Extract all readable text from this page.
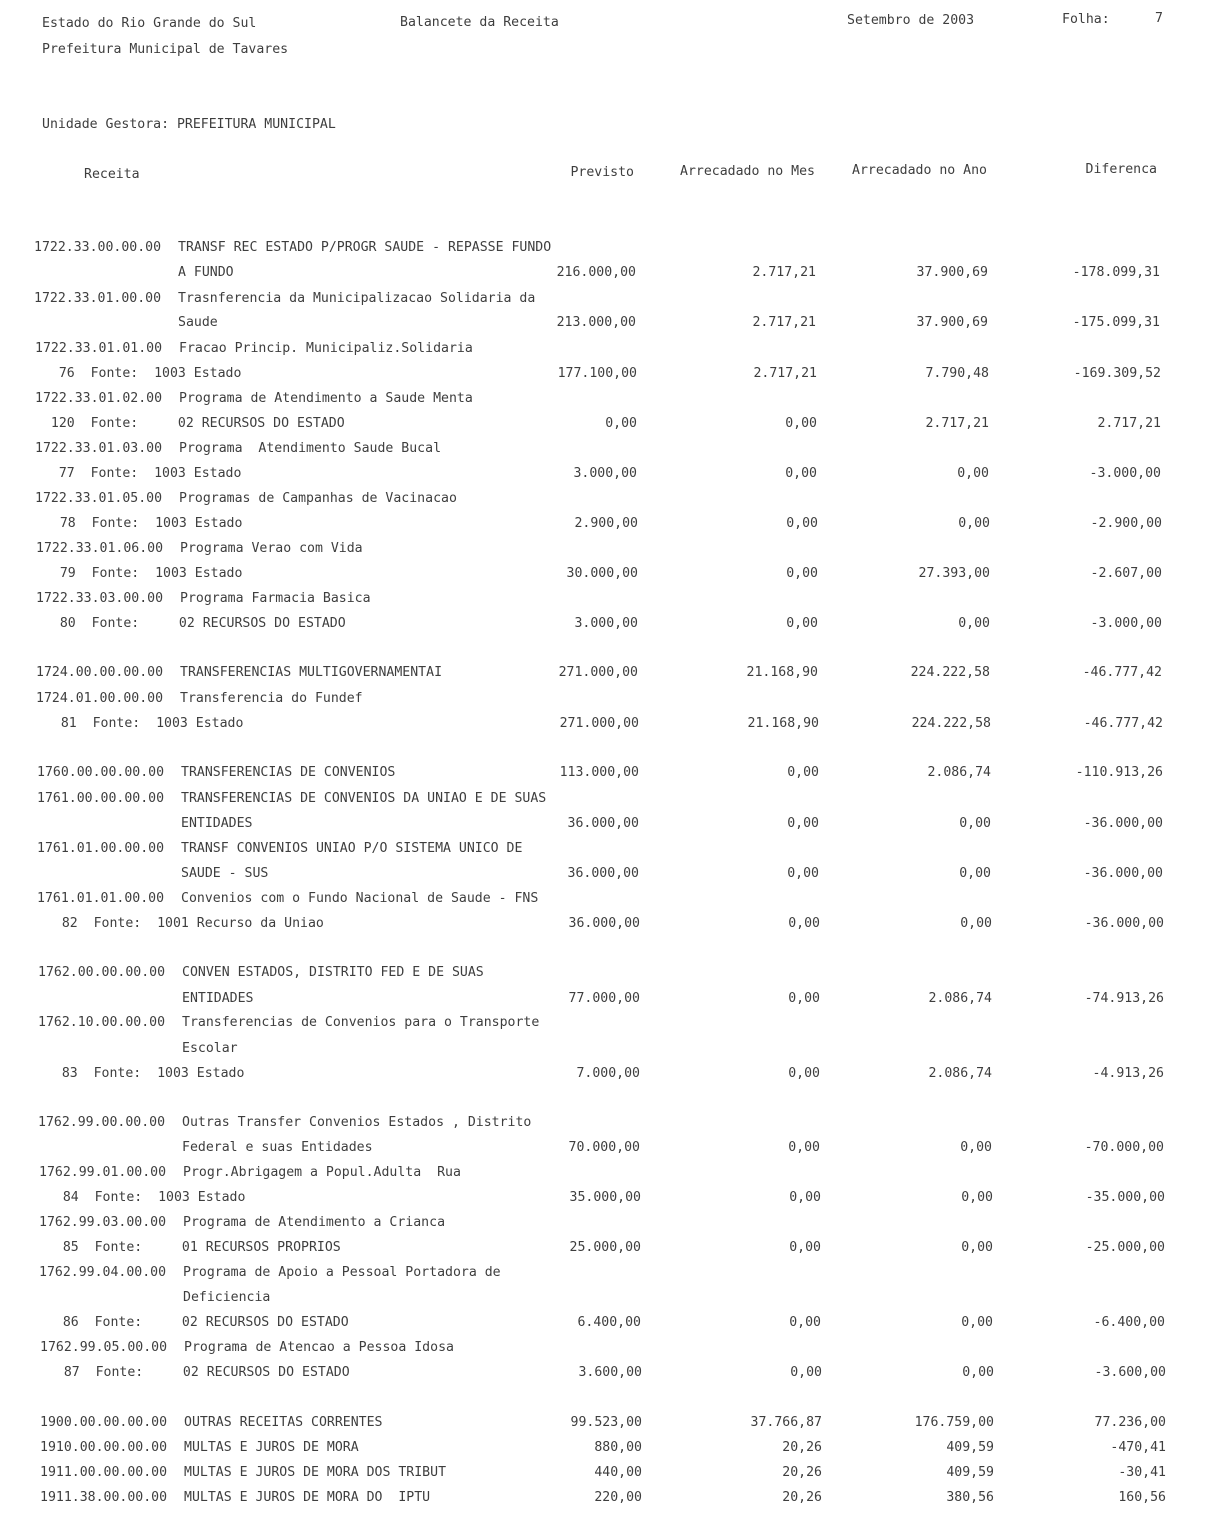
Estado do Rio Grande do Sul
Prefeitura Municipal de Tavares
Balancete da Receita	Setembro de 2003	Folha:	7
Unidade Gestora: PREFEITURA MUNICIPAL
Receita	Previsto	Arrecadado no Mes	Arrecadado no Ano	Diferenca
1722.33.00.00.00 TRANSF REC ESTADO P/PROGR SAUDE - REPASSE FUNDO
A FUNDO	216.000,00	2.717,21	37.900,69	-178.099,31
1722.33.01.00.00 Trasnferencia da Municipalizacao Solidaria da
Saude	213.000,00	2.717,21	37.900,69	-175.099,31
1722.33.01.01.00 Fracao Princip. Municipaliz.Solidaria
76  Fonte:  1003 Estado	177.100,00	2.717,21	7.790,48	-169.309,52
1722.33.01.02.00 Programa de Atendimento a Saude Menta
120  Fonte:     02 RECURSOS DO ESTADO	0,00	0,00	2.717,21	2.717,21
1722.33.01.03.00 Programa  Atendimento Saude Bucal
77  Fonte:  1003 Estado	3.000,00	0,00	0,00	-3.000,00
1722.33.01.05.00 Programas de Campanhas de Vacinacao
78  Fonte:  1003 Estado	2.900,00	0,00	0,00	-2.900,00
1722.33.01.06.00 Programa Verao com Vida
79  Fonte:  1003 Estado	30.000,00	0,00	27.393,00	-2.607,00
1722.33.03.00.00 Programa Farmacia Basica
80  Fonte:     02 RECURSOS DO ESTADO	3.000,00	0,00	0,00	-3.000,00
1724.00.00.00.00 TRANSFERENCIAS MULTIGOVERNAMENTAI	271.000,00	21.168,90	224.222,58	-46.777,42
1724.01.00.00.00 Transferencia do Fundef
81  Fonte:  1003 Estado	271.000,00	21.168,90	224.222,58	-46.777,42
1760.00.00.00.00 TRANSFERENCIAS DE CONVENIOS	113.000,00	0,00	2.086,74	-110.913,26
1761.00.00.00.00 TRANSFERENCIAS DE CONVENIOS DA UNIAO E DE SUAS
ENTIDADES	36.000,00	0,00	0,00	-36.000,00
1761.01.00.00.00 TRANSF CONVENIOS UNIAO P/O SISTEMA UNICO DE
SAUDE - SUS	36.000,00	0,00	0,00	-36.000,00
1761.01.01.00.00 Convenios com o Fundo Nacional de Saude - FNS
82  Fonte:  1001 Recurso da Uniao	36.000,00	0,00	0,00	-36.000,00
1762.00.00.00.00 CONVEN ESTADOS, DISTRITO FED E DE SUAS
ENTIDADES	77.000,00	0,00	2.086,74	-74.913,26
1762.10.00.00.00 Transferencias de Convenios para o Transporte
Escolar
83  Fonte:  1003 Estado	7.000,00	0,00	2.086,74	-4.913,26
1762.99.00.00.00 Outras Transfer Convenios Estados , Distrito
Federal e suas Entidades	70.000,00	0,00	0,00	-70.000,00
1762.99.01.00.00 Progr.Abrigagem a Popul.Adulta  Rua
84  Fonte:  1003 Estado	35.000,00	0,00	0,00	-35.000,00
1762.99.03.00.00 Programa de Atendimento a Crianca
85  Fonte:     01 RECURSOS PROPRIOS	25.000,00	0,00	0,00	-25.000,00
1762.99.04.00.00 Programa de Apoio a Pessoal Portadora de
Deficiencia
86  Fonte:     02 RECURSOS DO ESTADO	6.400,00	0,00	0,00	-6.400,00
1762.99.05.00.00 Programa de Atencao a Pessoa Idosa
87  Fonte:     02 RECURSOS DO ESTADO	3.600,00	0,00	0,00	-3.600,00
1900.00.00.00.00 OUTRAS RECEITAS CORRENTES	99.523,00	37.766,87	176.759,00	77.236,00
1910.00.00.00.00 MULTAS E JUROS DE MORA	880,00	20,26	409,59	-470,41
1911.00.00.00.00 MULTAS E JUROS DE MORA DOS TRIBUT	440,00	20,26	409,59	-30,41
1911.38.00.00.00 MULTAS E JUROS DE MORA DO  IPTU	220,00	20,26	380,56	160,56
